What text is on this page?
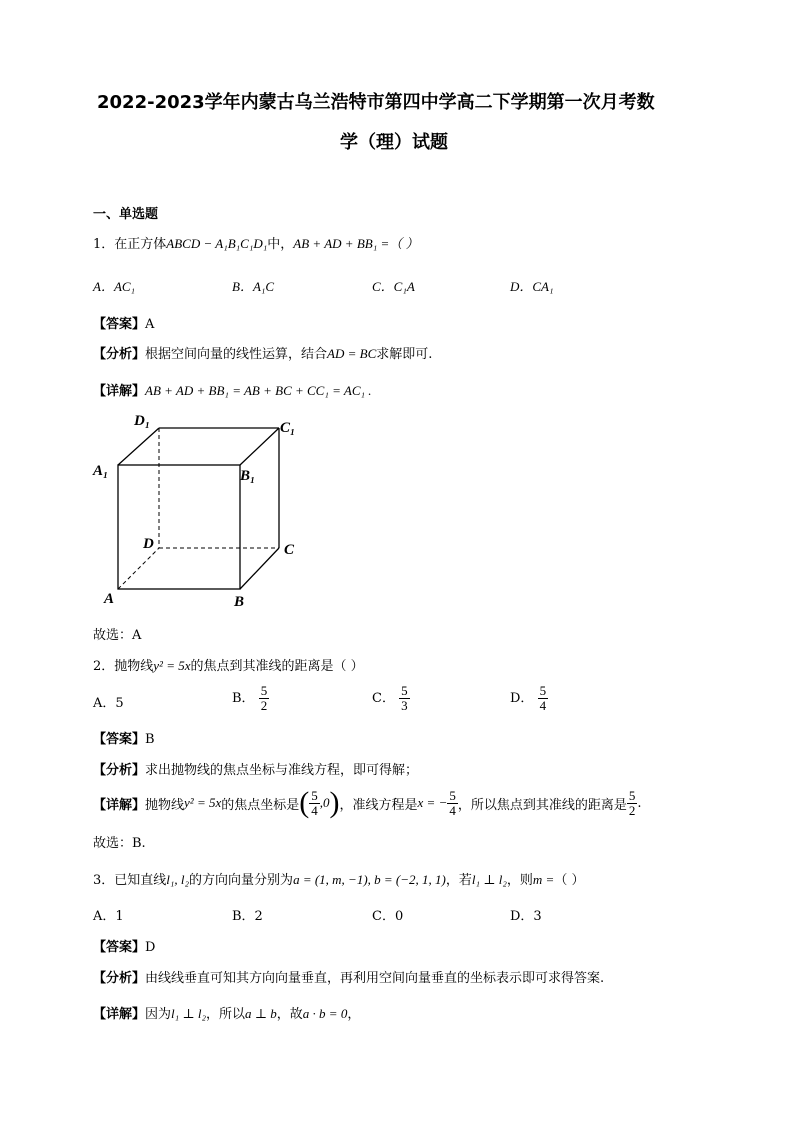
2022-2023学年内蒙古乌兰浩特市第四中学高二下学期第一次月考数
学（理）试题
一、单选题
1．在正方体ABCD − A₁B₁C₁D₁中，AB + AD + BB₁ =（ ）
A．AC₁	B．A₁C	C．C₁A	D．CA₁
【答案】A
【分析】根据空间向量的线性运算，结合AD = BC求解即可.
【详解】AB + AD + BB₁ = AB + BC + CC₁ = AC₁ .
D₁	C₁
A₁	B₁
D	C
A	B
故选：A
2．抛物线y² = 5x的焦点到其准线的距离是（ ）
A．5	B． $\frac{5}{2}$	C． $\frac{5}{3}$	D． $\frac{5}{4}$
【答案】B
【分析】求出抛物线的焦点坐标与准线方程，即可得解；
【详解】 抛物线 y² = 5x 的焦点坐标是 ( $\frac{5}{4} ,0$ ) ，准线方程是 x = − $\frac{5}{4}$ ，所以焦点到其准线的距离是 $\frac{5}{2}$ .
故选：B.
3．已知直线l₁, l₂的方向向量分别为a = (1, m, −1), b = (−2, 1, 1)，若l₁ ⊥ l₂，则m =（ ）
A．1	B．2	C．0	D．3
【答案】D
【分析】由线线垂直可知其方向向量垂直，再利用空间向量垂直的坐标表示即可求得答案.
【详解】因为l₁ ⊥ l₂，所以a ⊥ b，故a · b = 0，
